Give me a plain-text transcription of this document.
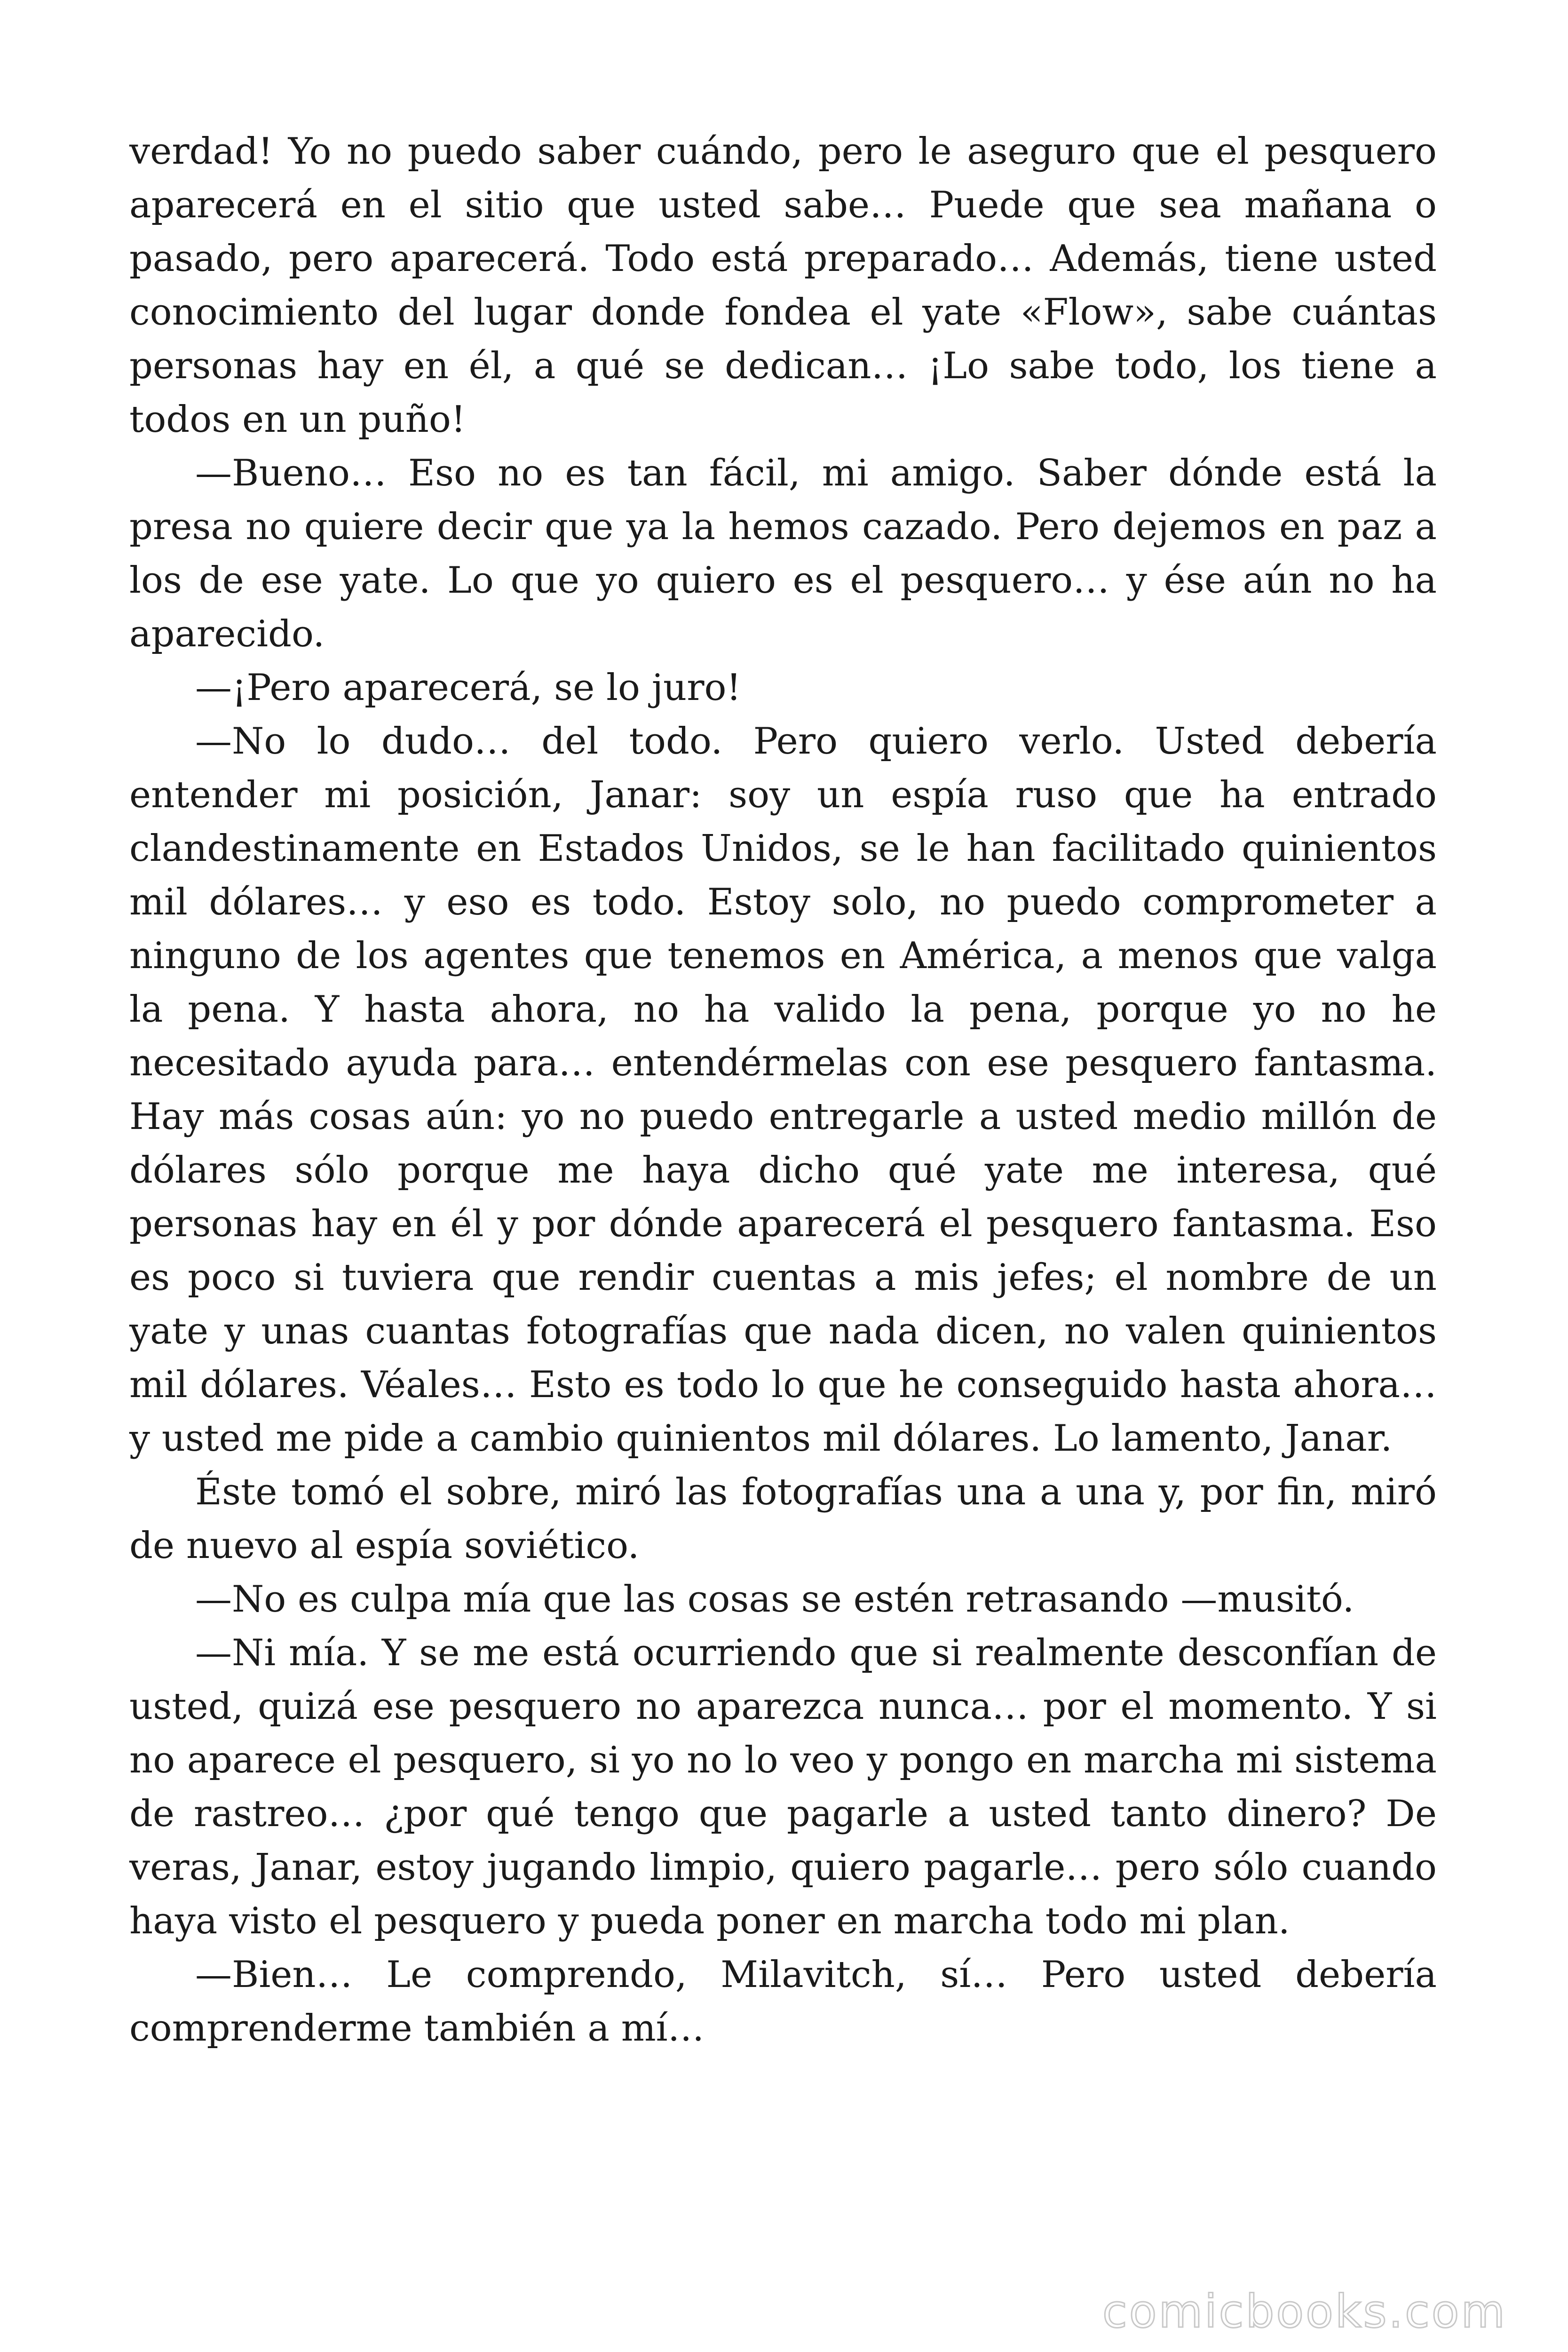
verdad! Yo no puedo saber cuándo, pero le aseguro que el pesquero aparecerá en el sitio que usted sabe… Puede que sea mañana o pasado, pero aparecerá. Todo está preparado… Además, tiene usted conocimiento del lugar donde fondea el yate «Flow», sabe cuántas personas hay en él, a qué se dedican… ¡Lo sabe todo, los tiene a todos en un puño!

—Bueno… Eso no es tan fácil, mi amigo. Saber dónde está la presa no quiere decir que ya la hemos cazado. Pero dejemos en paz a los de ese yate. Lo que yo quiero es el pesquero… y ése aún no ha aparecido.

—¡Pero aparecerá, se lo juro!

—No lo dudo… del todo. Pero quiero verlo. Usted debería entender mi posición, Janar: soy un espía ruso que ha entrado clandestinamente en Estados Unidos, se le han facilitado quinientos mil dólares… y eso es todo. Estoy solo, no puedo comprometer a ninguno de los agentes que tenemos en América, a menos que valga la pena. Y hasta ahora, no ha valido la pena, porque yo no he necesitado ayuda para… entendérmelas con ese pesquero fantasma. Hay más cosas aún: yo no puedo entregarle a usted medio millón de dólares sólo porque me haya dicho qué yate me interesa, qué personas hay en él y por dónde aparecerá el pesquero fantasma. Eso es poco si tuviera que rendir cuentas a mis jefes; el nombre de un yate y unas cuantas fotografías que nada dicen, no valen quinientos mil dólares. Véales… Esto es todo lo que he conseguido hasta ahora… y usted me pide a cambio quinientos mil dólares. Lo lamento, Janar.

Éste tomó el sobre, miró las fotografías una a una y, por fin, miró de nuevo al espía soviético.

—No es culpa mía que las cosas se estén retrasando —musitó.

—Ni mía. Y se me está ocurriendo que si realmente desconfían de usted, quizá ese pesquero no aparezca nunca… por el momento. Y si no aparece el pesquero, si yo no lo veo y pongo en marcha mi sistema de rastreo… ¿por qué tengo que pagarle a usted tanto dinero? De veras, Janar, estoy jugando limpio, quiero pagarle… pero sólo cuando haya visto el pesquero y pueda poner en marcha todo mi plan.

—Bien… Le comprendo, Milavitch, sí… Pero usted debería comprenderme también a mí…

comicbooks.com
